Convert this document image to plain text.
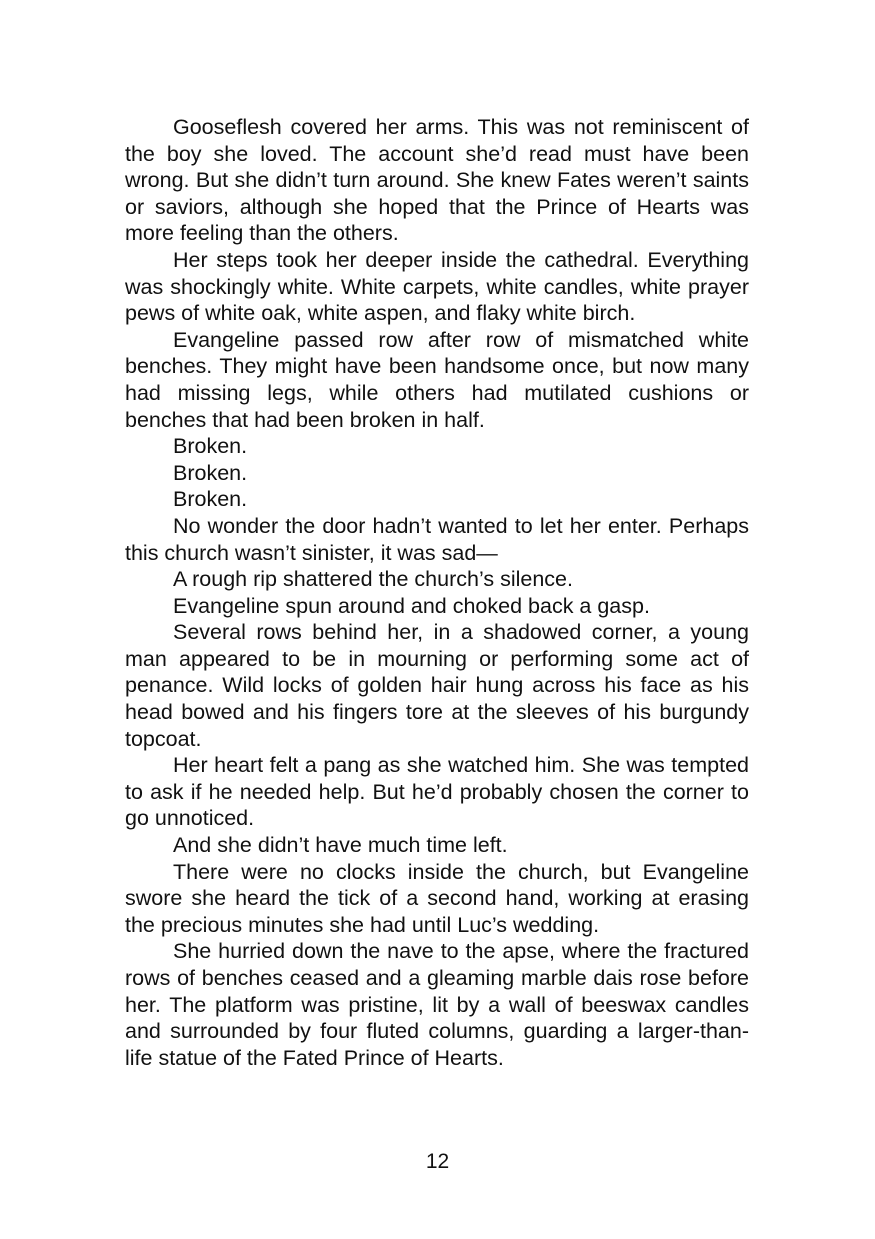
Gooseflesh covered her arms. This was not reminiscent of the boy she loved. The account she’d read must have been wrong. But she didn’t turn around. She knew Fates weren’t saints or saviors, although she hoped that the Prince of Hearts was more feeling than the others.

Her steps took her deeper inside the cathedral. Everything was shockingly white. White carpets, white candles, white prayer pews of white oak, white aspen, and flaky white birch.

Evangeline passed row after row of mismatched white benches. They might have been handsome once, but now many had missing legs, while others had mutilated cushions or benches that had been broken in half.

Broken.

Broken.

Broken.

No wonder the door hadn’t wanted to let her enter. Perhaps this church wasn’t sinister, it was sad—

A rough rip shattered the church’s silence.

Evangeline spun around and choked back a gasp.

Several rows behind her, in a shadowed corner, a young man appeared to be in mourning or performing some act of penance. Wild locks of golden hair hung across his face as his head bowed and his fingers tore at the sleeves of his burgundy topcoat.

Her heart felt a pang as she watched him. She was tempted to ask if he needed help. But he’d probably chosen the corner to go unnoticed.

And she didn’t have much time left.

There were no clocks inside the church, but Evangeline swore she heard the tick of a second hand, working at erasing the precious minutes she had until Luc’s wedding.

She hurried down the nave to the apse, where the fractured rows of benches ceased and a gleaming marble dais rose before her. The platform was pristine, lit by a wall of beeswax candles and surrounded by four fluted columns, guarding a larger-than-life statue of the Fated Prince of Hearts.

12
